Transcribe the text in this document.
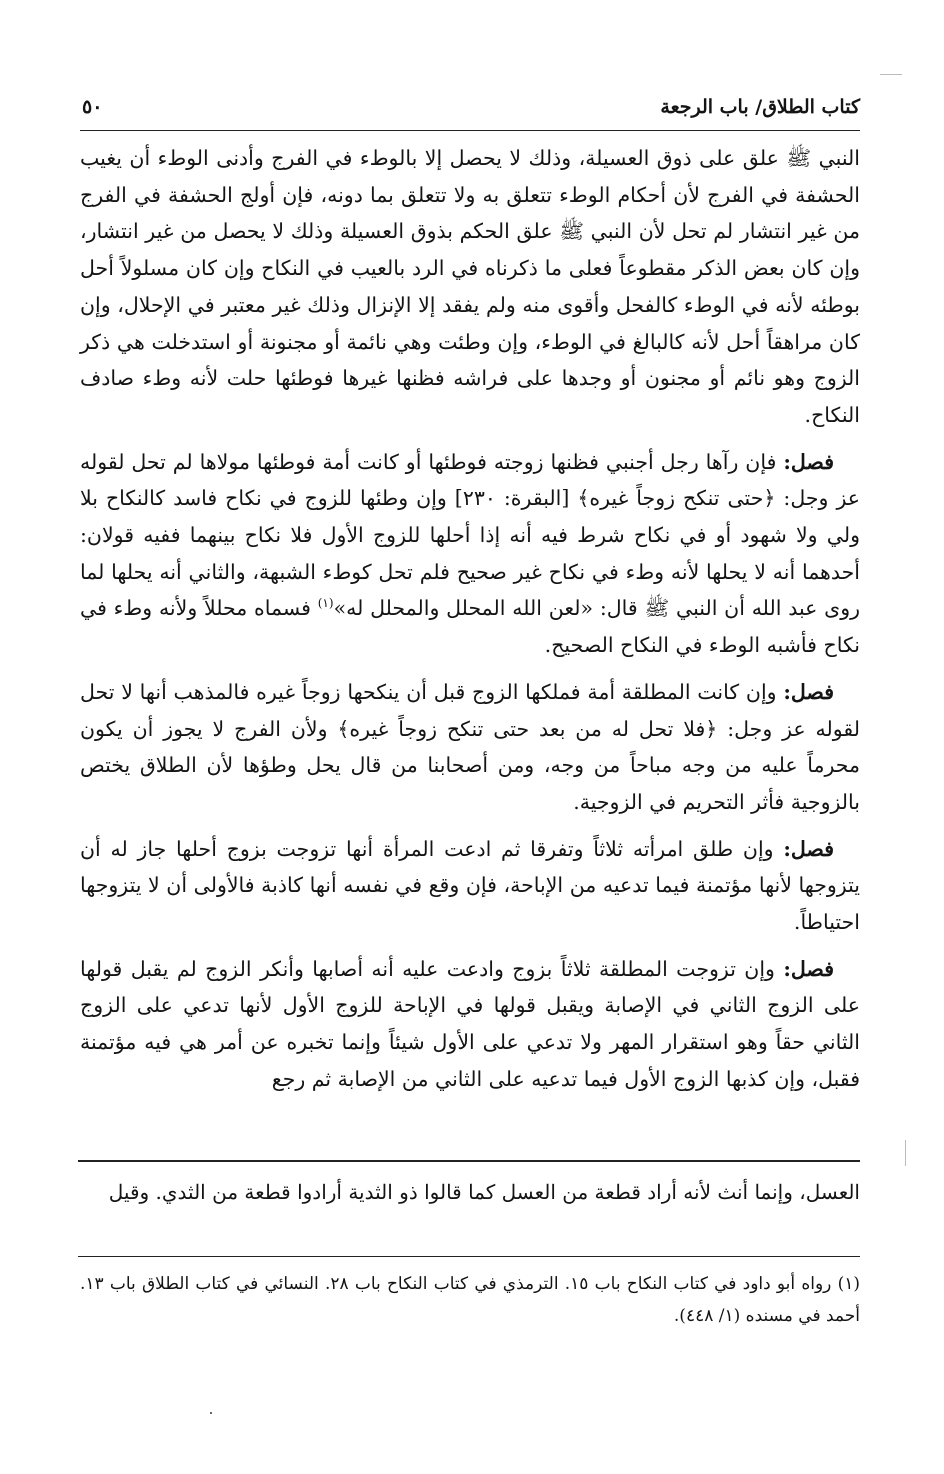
كتاب الطلاق/ باب الرجعة
٥٠

النبي ﷺ علق على ذوق العسيلة، وذلك لا يحصل إلا بالوطء في الفرج وأدنى الوطء أن يغيب الحشفة في الفرج لأن أحكام الوطء تتعلق به ولا تتعلق بما دونه، فإن أولج الحشفة في الفرج من غير انتشار لم تحل لأن النبي ﷺ علق الحكم بذوق العسيلة وذلك لا يحصل من غير انتشار، وإن كان بعض الذكر مقطوعاً فعلى ما ذكرناه في الرد بالعيب في النكاح وإن كان مسلولاً أحل بوطئه لأنه في الوطء كالفحل وأقوى منه ولم يفقد إلا الإنزال وذلك غير معتبر في الإحلال، وإن كان مراهقاً أحل لأنه كالبالغ في الوطء، وإن وطئت وهي نائمة أو مجنونة أو استدخلت هي ذكر الزوج وهو نائم أو مجنون أو وجدها على فراشه فظنها غيرها فوطئها حلت لأنه وطء صادف النكاح.

فصل: فإن رآها رجل أجنبي فظنها زوجته فوطئها أو كانت أمة فوطئها مولاها لم تحل لقوله عز وجل: ﴿حتى تنكح زوجاً غيره﴾ [البقرة: ٢٣٠] وإن وطئها للزوج في نكاح فاسد كالنكاح بلا ولي ولا شهود أو في نكاح شرط فيه أنه إذا أحلها للزوج الأول فلا نكاح بينهما ففيه قولان: أحدهما أنه لا يحلها لأنه وطء في نكاح غير صحيح فلم تحل كوطء الشبهة، والثاني أنه يحلها لما روى عبد الله أن النبي ﷺ قال: «لعن الله المحلل والمحلل له»$^{(١)}$ فسماه محللاً ولأنه وطء في نكاح فأشبه الوطء في النكاح الصحيح.

فصل: وإن كانت المطلقة أمة فملكها الزوج قبل أن ينكحها زوجاً غيره فالمذهب أنها لا تحل لقوله عز وجل: ﴿فلا تحل له من بعد حتى تنكح زوجاً غيره﴾ ولأن الفرج لا يجوز أن يكون محرماً عليه من وجه مباحاً من وجه، ومن أصحابنا من قال يحل وطؤها لأن الطلاق يختص بالزوجية فأثر التحريم في الزوجية.

فصل: وإن طلق امرأته ثلاثاً وتفرقا ثم ادعت المرأة أنها تزوجت بزوج أحلها جاز له أن يتزوجها لأنها مؤتمنة فيما تدعيه من الإباحة، فإن وقع في نفسه أنها كاذبة فالأولى أن لا يتزوجها احتياطاً.

فصل: وإن تزوجت المطلقة ثلاثاً بزوج وادعت عليه أنه أصابها وأنكر الزوج لم يقبل قولها على الزوج الثاني في الإصابة ويقبل قولها في الإباحة للزوج الأول لأنها تدعي على الزوج الثاني حقاً وهو استقرار المهر ولا تدعي على الأول شيئاً وإنما تخبره عن أمر هي فيه مؤتمنة فقبل، وإن كذبها الزوج الأول فيما تدعيه على الثاني من الإصابة ثم رجع

العسل، وإنما أنث لأنه أراد قطعة من العسل كما قالوا ذو الثدية أرادوا قطعة من الثدي. وقيل
(١) رواه أبو داود في كتاب النكاح باب ١٥. الترمذي في كتاب النكاح باب ٢٨. النسائي في كتاب الطلاق باب ١٣. أحمد في مسنده (١/ ٤٤٨).
